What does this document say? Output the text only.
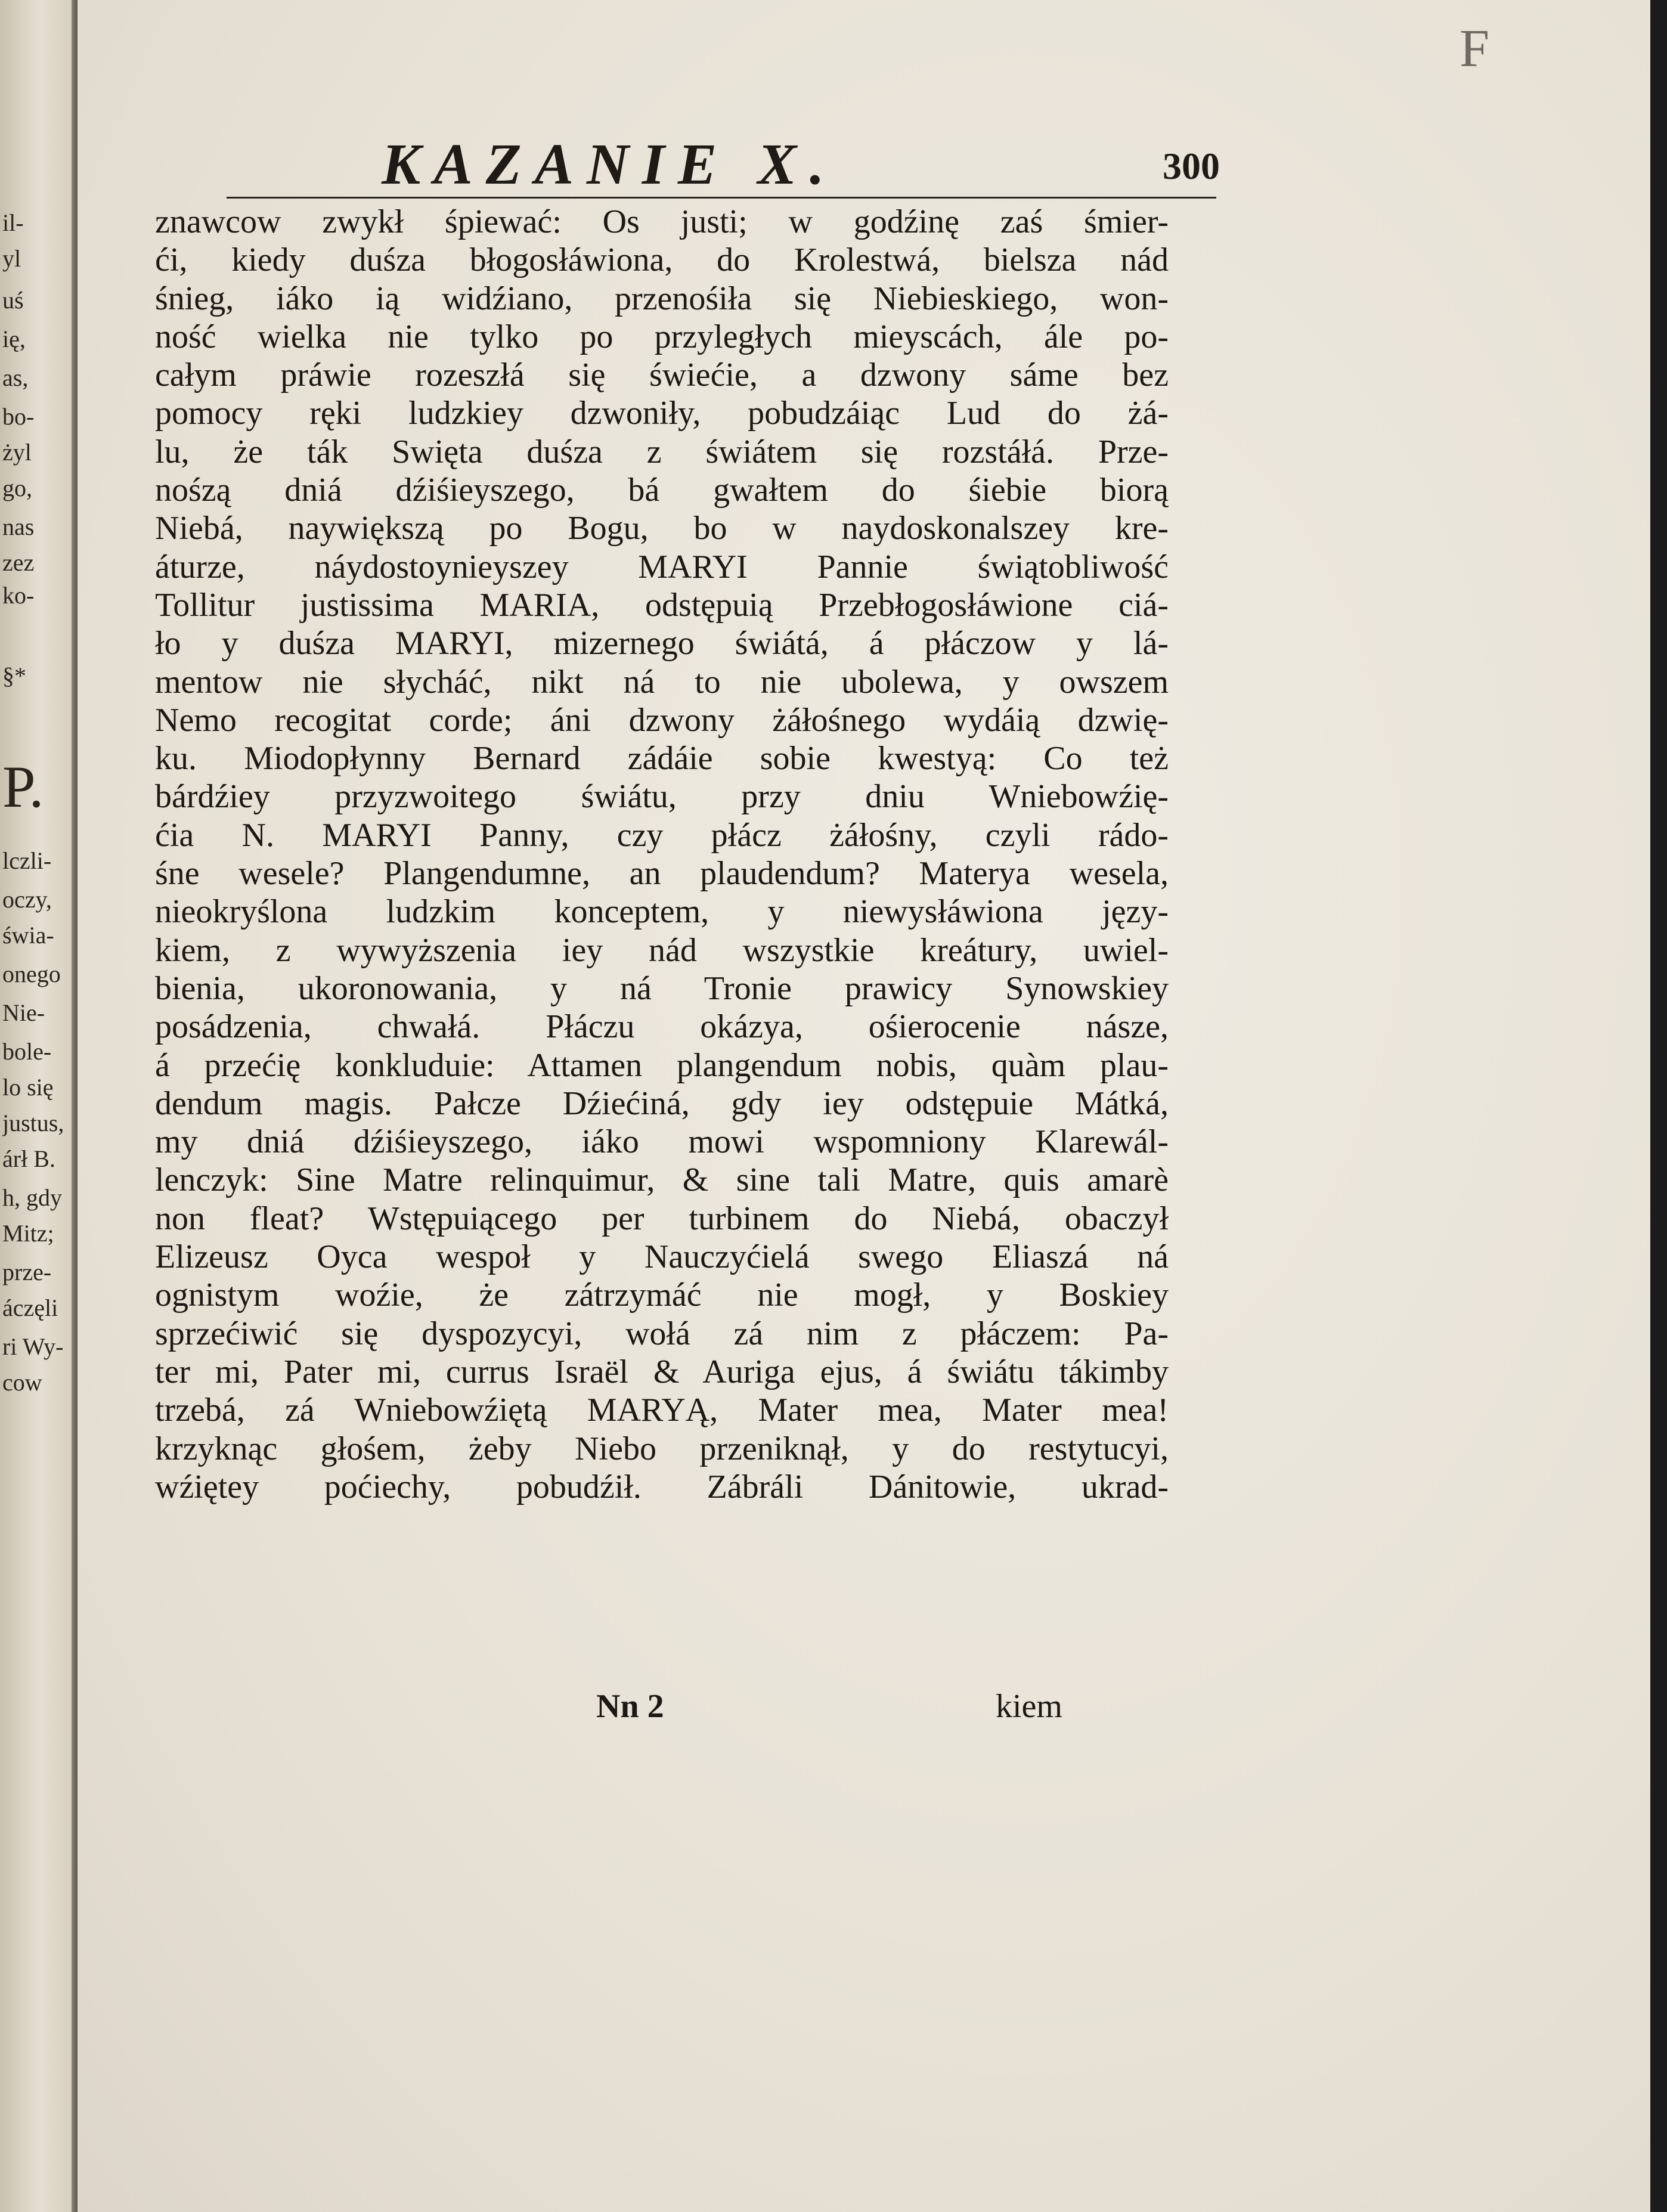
il-
yl
uś
ię,
as,
bo-
żyl
go,
nas
zez
ko-
§*
P.
lczli-
oczy,
świa-
onego
Nie-
bole-
lo się
justus,
árł B.
h, gdy
Mitz;
prze-
áczęli
ri Wy-
cow
F
KAZANIE X.	300
znawcow zwykł śpiewać: Os justi; w godźinę zaś śmier-
ći, kiedy duśza błogosłáwiona, do Krolestwá, bielsza nád
śnieg, iáko ią widźiano, przenośiła się Niebieskiego, won-
ność wielka nie tylko po przyległych mieyscách, ále po-
całym práwie rozeszłá się świećie, a dzwony sáme bez
pomocy ręki ludzkiey dzwoniły, pobudzáiąc Lud do żá-
lu, że ták Swięta duśza z świátem się rozstáłá. Prze-
nośzą dniá dźiśieyszego, bá gwałtem do śiebie biorą
Niebá, naywiększą po Bogu, bo w naydoskonalszey kre-
áturze, náydostoynieyszey MARYI Pannie świątobliwość
Tollitur justissima MARIA, odstępuią Przebłogosłáwione ciá-
ło y duśza MARYI, mizernego świátá, á płáczow y lá-
mentow nie słycháć, nikt ná to nie ubolewa, y owszem
Nemo recogitat corde; áni dzwony żáłośnego wydáią dzwię-
ku. Miodopłynny Bernard zádáie sobie kwestyą: Co też
bárdźiey przyzwoitego świátu, przy dniu Wniebowźię-
ćia N. MARYI Panny, czy płácz żáłośny, czyli rádo-
śne wesele? Plangendumne, an plaudendum? Materya wesela,
nieokryślona ludzkim konceptem, y niewysłáwiona języ-
kiem, z wywyższenia iey nád wszystkie kreátury, uwiel-
bienia, ukoronowania, y ná Tronie prawicy Synowskiey
posádzenia, chwałá. Płáczu okázya, ośierocenie násze,
á przećię konkluduie: Attamen plangendum nobis, quàm plau-
dendum magis. Pałcze Dźiećiná, gdy iey odstępuie Mátká,
my dniá dźiśieyszego, iáko mowi wspomniony Klarewál-
lenczyk: Sine Matre relinquimur, & sine tali Matre, quis amarè
non fleat? Wstępuiącego per turbinem do Niebá, obaczył
Elizeusz Oyca wespoł y Nauczyćielá swego Eliaszá ná
ognistym woźie, że zátrzymáć nie mogł, y Boskiey
sprzećiwić się dyspozycyi, wołá zá nim z płáczem: Pa-
ter mi, Pater mi, currus Israël & Auriga ejus, á świátu tákimby
trzebá, zá Wniebowźiętą MARYĄ, Mater mea, Mater mea!
krzyknąc głośem, żeby Niebo przeniknął, y do restytucyi,
wźiętey poćiechy, pobudźił. Zábráli Dánitowie, ukrad-
Nn 2	kiem
